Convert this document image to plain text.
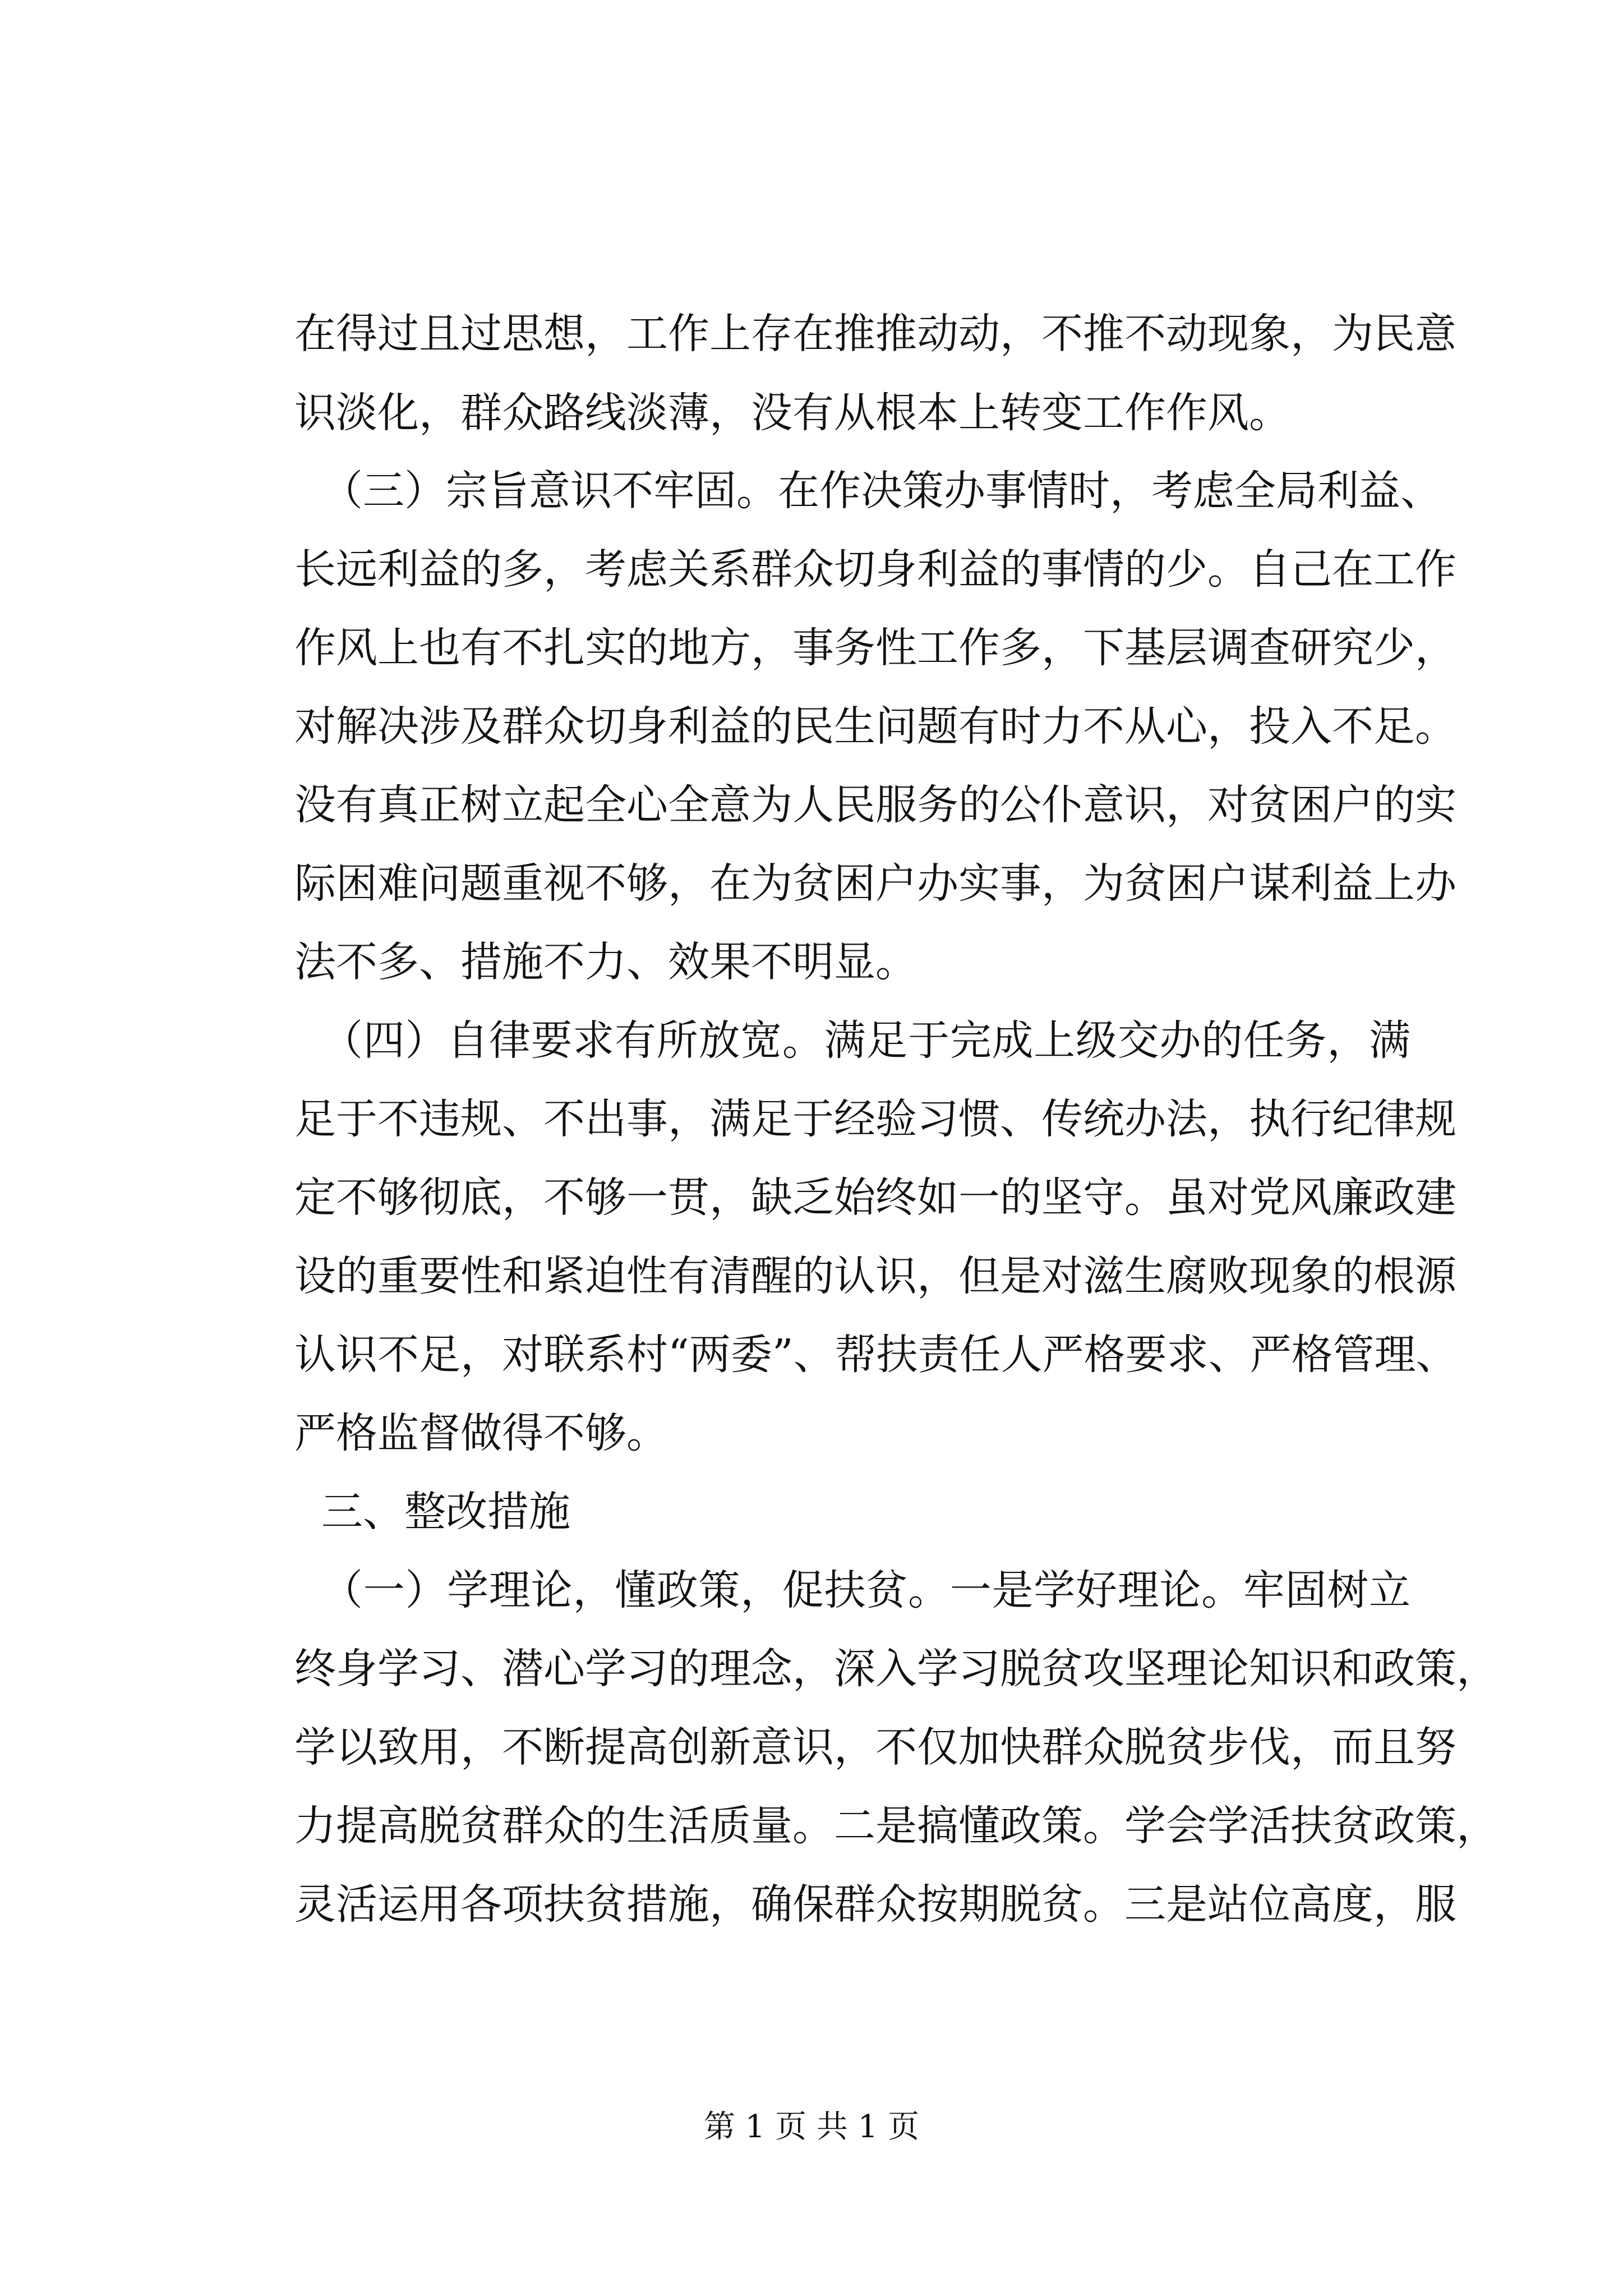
在得过且过思想，工作上存在推推动动，不推不动现象，为民意
识淡化，群众路线淡薄，没有从根本上转变工作作风。
（三）宗旨意识不牢固。在作决策办事情时，考虑全局利益、
长远利益的多，考虑关系群众切身利益的事情的少。自己在工作
作风上也有不扎实的地方，事务性工作多，下基层调查研究少，
对解决涉及群众切身利益的民生问题有时力不从心，投入不足。
没有真正树立起全心全意为人民服务的公仆意识，对贫困户的实
际困难问题重视不够，在为贫困户办实事，为贫困户谋利益上办
法不多、措施不力、效果不明显。
（四）自律要求有所放宽。满足于完成上级交办的任务，满
足于不违规、不出事，满足于经验习惯、传统办法，执行纪律规
定不够彻底，不够一贯，缺乏始终如一的坚守。虽对党风廉政建
设的重要性和紧迫性有清醒的认识，但是对滋生腐败现象的根源
认识不足，对联系村“两委”、帮扶责任人严格要求、严格管理、
严格监督做得不够。
三、整改措施
（一）学理论，懂政策，促扶贫。一是学好理论。牢固树立
终身学习、潜心学习的理念，深入学习脱贫攻坚理论知识和政策，
学以致用，不断提高创新意识，不仅加快群众脱贫步伐，而且努
力提高脱贫群众的生活质量。二是搞懂政策。学会学活扶贫政策，
灵活运用各项扶贫措施，确保群众按期脱贫。三是站位高度，服
第 1 页 共 1 页
